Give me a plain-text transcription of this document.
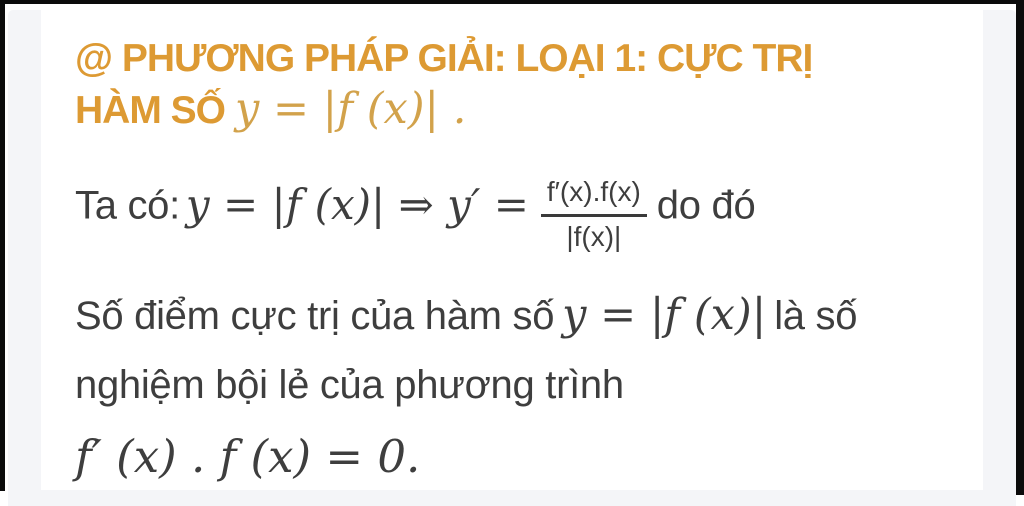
@ PHƯƠNG PHÁP GIẢI: LOẠI 1: CỰC TRỊ
HÀM SỐ y = |f (x)| .
Ta có: y = |f (x)| ⇒ $y' = \frac{f'(x).f(x)}{|f(x)|}$ do đó
Số điểm cực trị của hàm số y = |f (x)| là số
nghiệm bội lẻ của phương trình
f′ (x) . f (x) = 0.
